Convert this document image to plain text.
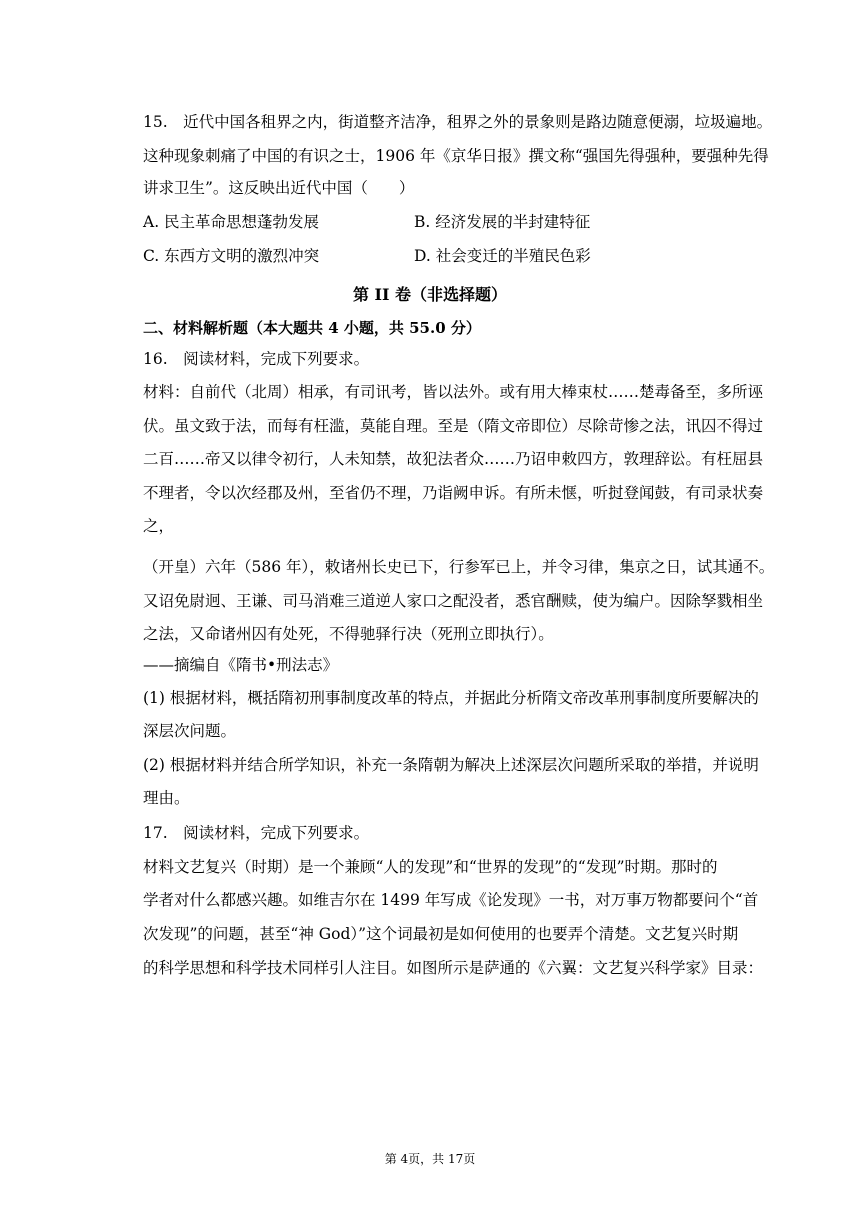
15.　近代中国各租界之内，街道整齐洁净，租界之外的景象则是路边随意便溺，垃圾遍地。
这种现象刺痛了中国的有识之士，1906 年《京华日报》撰文称“强国先得强种，要强种先得
讲求卫生”。这反映出近代中国（　　）
A. 民主革命思想蓬勃发展	B. 经济发展的半封建特征
C. 东西方文明的激烈冲突	D. 社会变迁的半殖民色彩
第 II 卷（非选择题）
二、材料解析题（本大题共 4 小题，共 55.0 分）
16.　阅读材料，完成下列要求。
材料：自前代（北周）相承，有司讯考，皆以法外。或有用大棒束杖……楚毒备至，多所诬
伏。虽文致于法，而每有枉滥，莫能自理。至是（隋文帝即位）尽除苛惨之法，讯囚不得过
二百……帝又以律令初行，人未知禁，故犯法者众……乃诏申敕四方，敦理辞讼。有枉屈县
不理者，令以次经郡及州，至省仍不理，乃诣阙申诉。有所未惬，听挝登闻鼓，有司录状奏
之，
（开皇）六年（586 年），敕诸州长史已下，行参军已上，并令习律，集京之日，试其通不。
又诏免尉迥、王谦、司马消难三道逆人家口之配没者，悉官酬赎，使为编户。因除孥戮相坐
之法，又命诸州囚有处死，不得驰驿行决（死刑立即执行）。
——摘编自《隋书•刑法志》
(1) 根据材料，概括隋初刑事制度改革的特点，并据此分析隋文帝改革刑事制度所要解决的
深层次问题。
(2) 根据材料并结合所学知识，补充一条隋朝为解决上述深层次问题所采取的举措，并说明
理由。
17.　阅读材料，完成下列要求。
材料文艺复兴（时期）是一个兼顾“人的发现”和“世界的发现”的“发现”时期。那时的
学者对什么都感兴趣。如维吉尔在 1499 年写成《论发现》一书，对万事万物都要问个“首
次发现”的问题，甚至“神 God）”这个词最初是如何使用的也要弄个清楚。文艺复兴时期
的科学思想和科学技术同样引人注目。如图所示是萨通的《六翼：文艺复兴科学家》目录：
第 4页，共 17页
